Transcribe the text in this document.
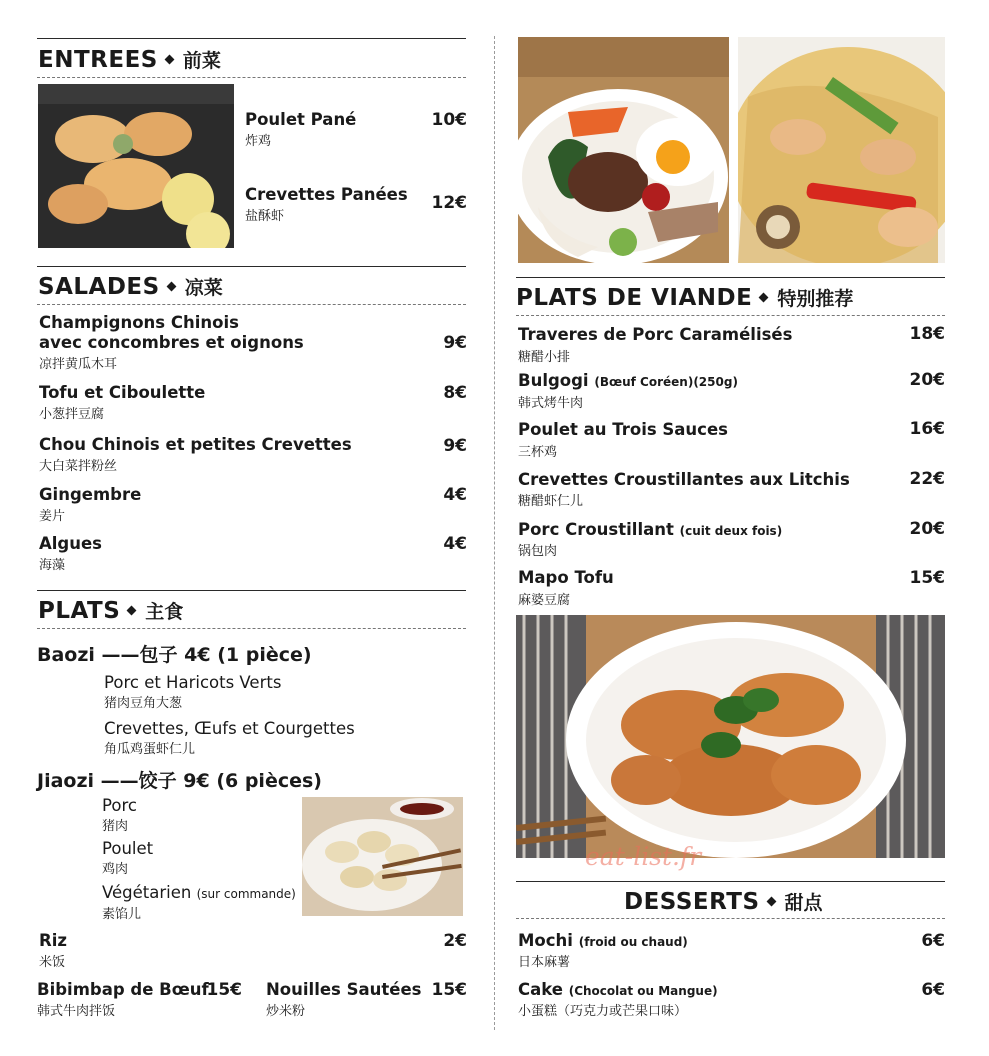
ENTREES 前菜
Poulet Pané
炸鸡
10€
Crevettes Panées
盐酥虾
12€
SALADES 凉菜
Champignons Chinois
avec concombres et oignons
凉拌黄瓜木耳
9€
Tofu et Ciboulette
小葱拌豆腐
8€
Chou Chinois et petites Crevettes
大白菜拌粉丝
9€
Gingembre
姜片
4€
Algues
海藻
4€
PLATS 主食
Baozi ——包子 4€ (1 pièce)
Porc et Haricots Verts
猪肉豆角大葱
Crevettes, Œufs et Courgettes
角瓜鸡蛋虾仁儿
Jiaozi ——饺子 9€ (6 pièces)
Porc
猪肉
Poulet
鸡肉
Végétarien (sur commande)
素馅儿
Riz
米饭
2€
Bibimbap de Bœuf
韩式牛肉拌饭
15€ Nouilles Sautées
炒米粉
15€
PLATS DE VIANDE 特别推荐
Traveres de Porc Caramélisés
糖醋小排
18€
Bulgogi (Bœuf Coréen)(250g)
韩式烤牛肉
20€
Poulet au Trois Sauces
三杯鸡
16€
Crevettes Croustillantes aux Litchis
糖醋虾仁儿
22€
Porc Croustillant (cuit deux fois)
锅包肉
20€
Mapo Tofu
麻婆豆腐
15€
eat-list.fr
DESSERTS 甜点
Mochi (froid ou chaud)
日本麻薯
6€
Cake (Chocolat ou Mangue)
小蛋糕（巧克力或芒果口味）
6€
